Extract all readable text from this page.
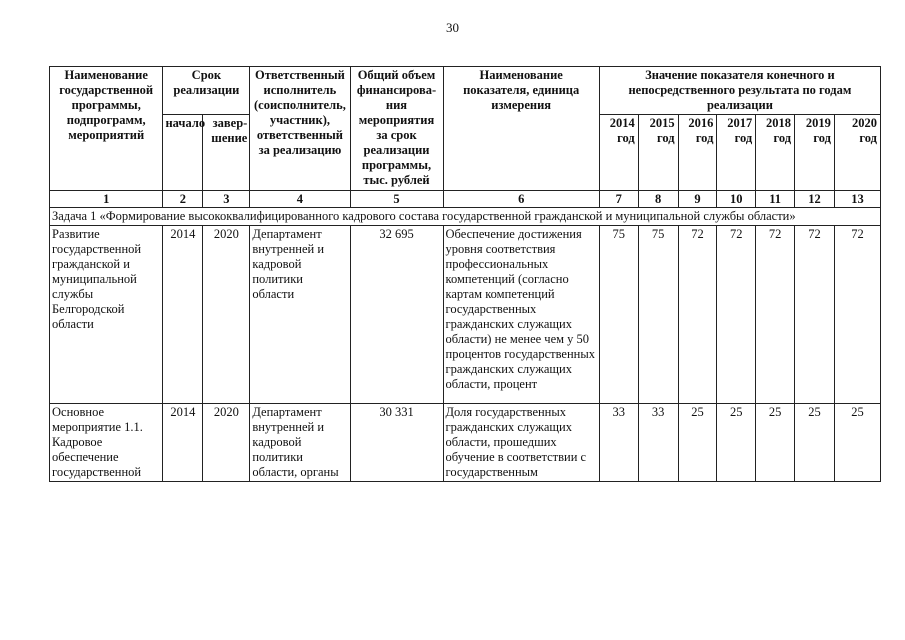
30
Наименование государственной программы, подпрограмм, мероприятий	Срок реализации		Ответственный исполнитель (соисполнитель, участник), ответственный за реализацию	Общий объем финансирова-ния мероприятия за срок реализации программы, тыс. рублей	Наименование показателя, единица измерения	Значение показателя конечного и непосредственного результата по годам реализации						
	начало	завер-шение				2014 год	2015 год	2016 год	2017 год	2018 год	2019 год	2020 год
1	2	3	4	5	6	7	8	9	10	11	12	13
Задача 1 «Формирование высококвалифицированного кадрового состава государственной гражданской и муниципальной службы области»												
Развитие государственной гражданской и муниципальной службы Белгородской области	2014	2020	Департамент внутренней и кадровой политики области	32 695	Обеспечение достижения уровня соответствия профессиональных компетенций (согласно картам компетенций государственных гражданских служащих области) не менее чем у 50 процентов государственных гражданских служащих области, процент	75	75	72	72	72	72	72
Основное мероприятие 1.1. Кадровое обеспечение государственной	2014	2020	Департамент внутренней и кадровой политики области, органы	30 331	Доля государственных гражданских служащих области, прошедших обучение в соответствии с государственным	33	33	25	25	25	25	25
